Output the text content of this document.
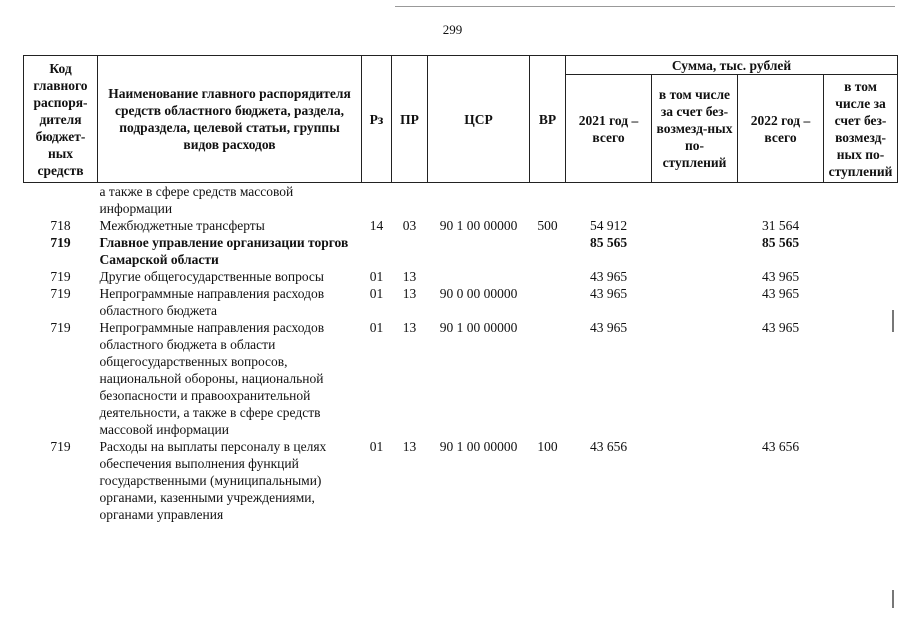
299
Код главного распоря-дителя бюджет-ных средств	Наименование главного распорядителя средств областного бюджета, раздела, подраздела, целевой статьи, группы видов расходов	Рз	ПР	ЦСР	ВР	Сумма, тыс. рублей			
						2021 год – всего	в том числе за счет без-возмезд-ных по-ступлений	2022 год – всего	в том числе за счет без-возмезд-ных по-ступлений
	а также в сфере средств массовой информации								
718	Межбюджетные трансферты	14	03	90 1 00 00000	500	54 912		31 564	
719	Главное управление организации торгов Самарской области					85 565		85 565	
719	Другие общегосударственные вопросы	01	13			43 965		43 965	
719	Непрограммные направления расходов областного бюджета	01	13	90 0 00 00000		43 965		43 965	
719	Непрограммные направления расходов областного бюджета в области общегосударственных вопросов, национальной обороны, национальной безопасности и правоохранительной деятельности, а также в сфере средств массовой информации	01	13	90 1 00 00000		43 965		43 965	
719	Расходы на выплаты персоналу в целях обеспечения выполнения функций государственными (муниципальными) органами, казенными учреждениями, органами управления	01	13	90 1 00 00000	100	43 656		43 656	
